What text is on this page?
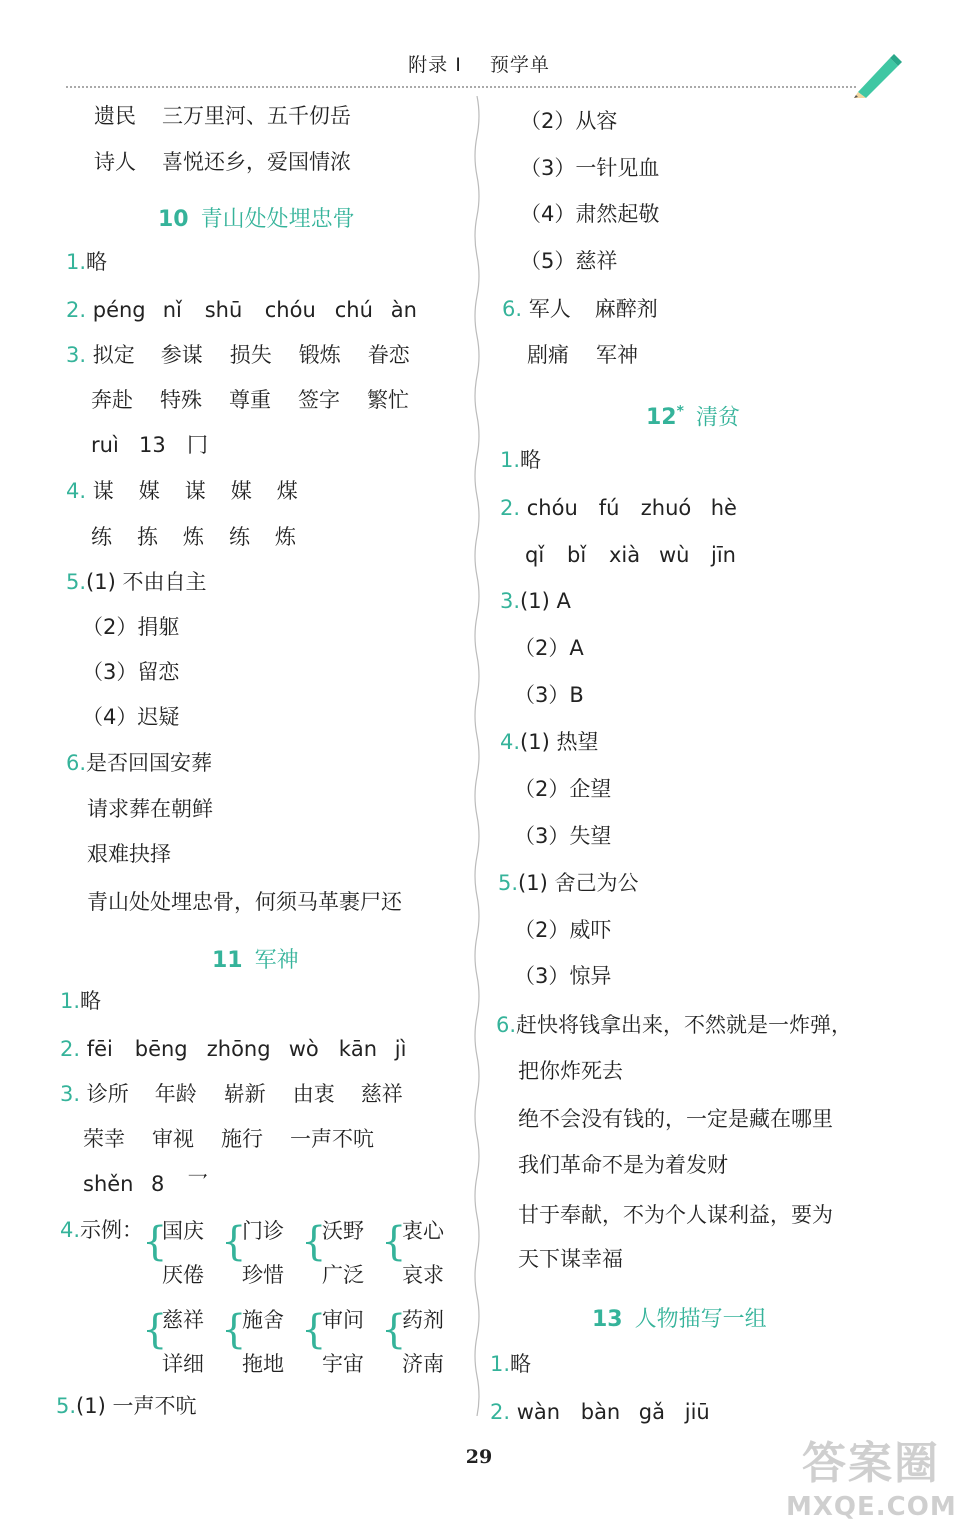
附录 I 预学单
遗民 三万里河、五千仞岳
诗人 喜悦还乡，爱国情浓
10 青山处处埋忠骨
1.略
2. péng nǐ shū chóu chú àn
3. 拟定 参谋 损失 锻炼 眷恋
奔赴 特殊 尊重 签字 繁忙
ruì 13 冂
4. 谋 媒 谋 媒 煤
练 拣 炼 练 炼
5.(1) 不由自主
（2）捐躯
（3）留恋
（4）迟疑
6.是否回国安葬
请求葬在朝鲜
艰难抉择
青山处处埋忠骨，何须马革裹尸还
11 军神
1.略
2. fēi bēng zhōng wò kān jì
3. 诊所 年龄 崭新 由衷 慈祥
荣幸 审视 施行 一声不吭
shěn 8 乛
4.示例：
{ { { {
{ { { {
国庆 门诊 沃野 衷心
厌倦 珍惜 广泛 哀求
慈祥 施舍 审问 药剂
详细 拖地 宇宙 济南
5.(1) 一声不吭
（2）从容
（3）一针见血
（4）肃然起敬
（5）慈祥
6. 军人 麻醉剂
剧痛 军神
12* 清贫
1.略
2. chóu fú zhuó hè
qǐ bǐ xià wù jīn
3.(1) A
（2）A
（3）B
4.(1) 热望
（2）企望
（3）失望
5.(1) 舍己为公
（2）威吓
（3）惊异
6.赶快将钱拿出来，不然就是一炸弹，
把你炸死去
绝不会没有钱的，一定是藏在哪里
我们革命不是为着发财
甘于奉献，不为个人谋利益，要为
天下谋幸福
13 人物描写一组
1.略
2. wàn bàn gǎ jiū
29	答案圈
MXQE.COM
